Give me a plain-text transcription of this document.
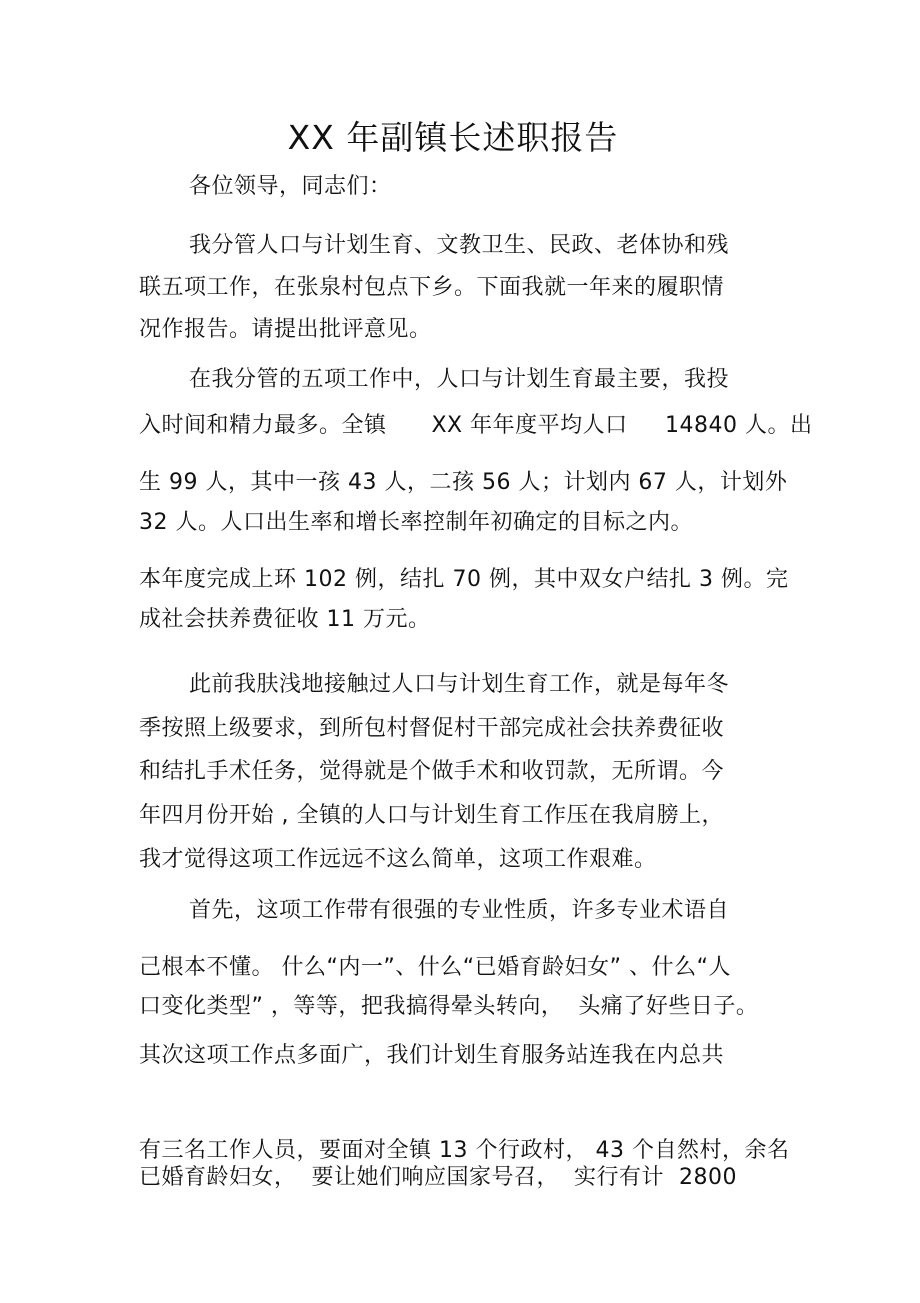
XX 年副镇长述职报告
各位领导，同志们：
我分管人口与计划生育、文教卫生、民政、老体协和残
联五项工作，在张泉村包点下乡。下面我就一年来的履职情
况作报告。请提出批评意见。
在我分管的五项工作中，人口与计划生育最主要，我投
入时间和精力最多。全镇      XX 年年度平均人口     14840 人。出
生 99 人，其中一孩 43 人，二孩 56 人；计划内 67 人，计划外
32 人。人口出生率和增长率控制年初确定的目标之内。
本年度完成上环 102 例，结扎 70 例，其中双女户结扎 3 例。完
成社会扶养费征收 11 万元。
此前我肤浅地接触过人口与计划生育工作，就是每年冬
季按照上级要求，到所包村督促村干部完成社会扶养费征收
和结扎手术任务，觉得就是个做手术和收罚款，无所谓。今
年四月份开始 , 全镇的人口与计划生育工作压在我肩膀上，
我才觉得这项工作远远不这么简单，这项工作艰难。
首先，这项工作带有很强的专业性质，许多专业术语自
己根本不懂。 什么“内一”、什么“已婚育龄妇女” 、什么“人
口变化类型” ，等等，把我搞得晕头转向，  头痛了好些日子。
其次这项工作点多面广，我们计划生育服务站连我在内总共
有三名工作人员，要面对全镇 13 个行政村， 43 个自然村，余名
已婚育龄妇女，  要让她们响应国家号召，  实行有计  2800
